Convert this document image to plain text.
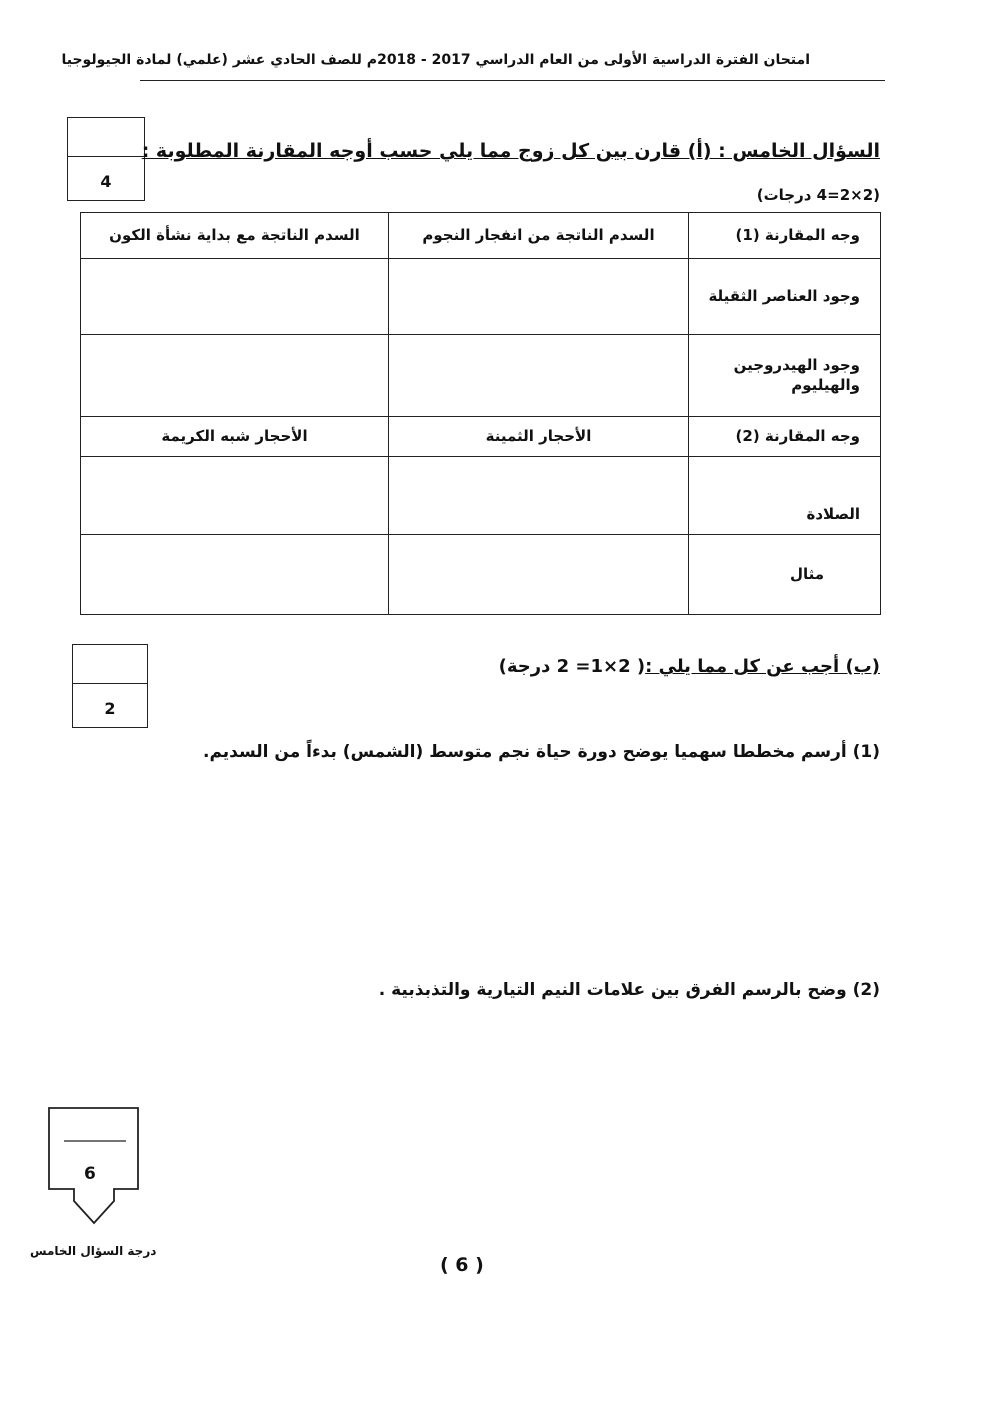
امتحان الفترة الدراسية الأولى من العام الدراسي 2017 - 2018م للصف الحادي عشر (علمي) لمادة الجيولوجيا
4
السؤال الخامس : (أ) قارن بين كل زوج مما يلي حسب أوجه المقارنة المطلوبة :
(2×2=4 درجات)
وجه المقارنة (1)	السدم الناتجة من انفجار النجوم	السدم الناتجة مع بداية نشأة الكون
وجود العناصر الثقيلة		
وجود الهيدروجين والهيليوم		
وجه المقارنة (2)	الأحجار الثمينة	الأحجار شبه الكريمة
الصلادة		
مثال		
2
(ب) أجب عن كل مما يلي :( 2×1= 2 درجة)
(1) أرسم مخططا سهميا يوضح دورة حياة نجم متوسط (الشمس) بدءاً من السديم.
(2) وضح بالرسم الفرق بين علامات النيم التيارية والتذبذبية .
6
درجة السؤال الخامس
( 6 )
